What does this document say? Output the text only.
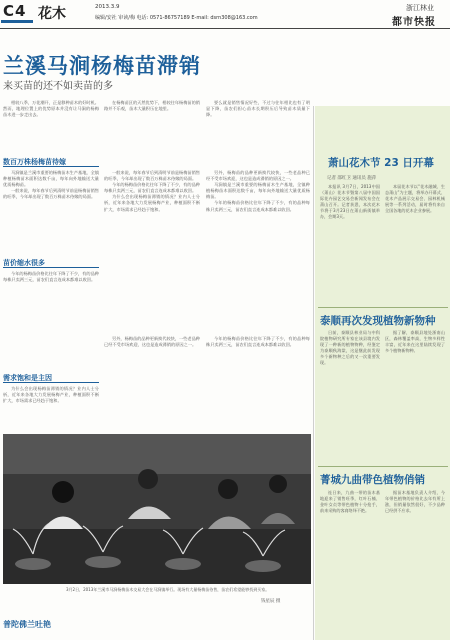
C4 花木	2013.3.9
编辑/安社 审读/梅 电话: 0571-86757189 E-mail: dsrn308@163.com
浙江林业
都市快报
兰溪马涧杨梅苗滞销
来买苗的还不如卖苗的多

相较八季，万花潮开，正是移种苗木的好时机。然而，地理位置上的优势原本并没有让马涧的杨梅苗木进一步走出去。

在杨梅苗区的天然优势下，相较往年杨梅苗的销路并不乐观，苗木大量积压在地里。

要么就是销售情况好些，不过与往年相比也有了明显下降，苗农们担心苗木长期积压后导致苗木质量下降。

数百万株杨梅苗待嫁

马涧镇是兰溪市重要的杨梅苗木生产基地，全镇种植杨梅苗木面积达数千亩，每年向外地输送大量优质杨梅苗。

一般来说，每年春节后到清明节前是杨梅苗销售的旺季，今年却出现了数百万株苗木待嫁的局面。

一般来说，每年春节后到清明节前是杨梅苗销售的旺季，今年却出现了数百万株苗木待嫁的局面。

今年的杨梅苗价格比往年下降了不少，有的品种每株只卖两三元，苗农们直言连成本都难以收回。

为什么会出现杨梅苗滞销的情况？业内人士分析，近年来各地大力发展杨梅产业，种植面积不断扩大，市场需求已经趋于饱和。

另外，杨梅苗的品种更新换代较快，一些老品种已经不受市场欢迎，这也是造成滞销的原因之一。

马涧镇是兰溪市重要的杨梅苗木生产基地，全镇种植杨梅苗木面积达数千亩，每年向外地输送大量优质杨梅苗。

今年的杨梅苗价格比往年下降了不少，有的品种每株只卖两三元，苗农们直言连成本都难以收回。

苗价缩水很多

今年的杨梅苗价格比往年下降了不少，有的品种每株只卖两三元，苗农们直言连成本都难以收回。

需求饱和是主因

为什么会出现杨梅苗滞销的情况？业内人士分析，近年来各地大力发展杨梅产业，种植面积不断扩大，市场需求已经趋于饱和。

另外，杨梅苗的品种更新换代较快，一些老品种已经不受市场欢迎，这也是造成滞销的原因之一。

今年的杨梅苗价格比往年下降了不少，有的品种每株只卖两三元，苗农们直言连成本都难以收回。

3月2日，2013年兰溪市马涧杨梅苗木交易大会在马涧镇举行。现场有大量杨梅苗待售，苗农们希望能够找到买家。
钱星辰 摄
普陀佛兰吐艳
萧山花木节 23 日开幕
记者 邵红卫 通讯员 施萍

本报讯 3月7日，2013中国（萧山）花木节暨第八届中国国际花卉园艺交易会新闻发布会在萧山召开。记者获悉，本次花木节将于3月23日在萧山新街镇举办，会期3天。

本届花木节以“花木融城、生态萧山”为主题，将举办开幕式、花木产品展示交易会、园林机械展等一系列活动，届时将有来自全国各地的花木企业参展。

泰顺再次发现植物新物种

日前，泰顺县林业局与中科院植物研究所专家在该县境内发现了一种新的植物物种，经鉴定为泰顺秋海棠，这是继此前发现多个新物种之后的又一次重要发现。

据了解，泰顺县地处浙南山区，森林覆盖率高，生物多样性丰富，近年来在这里陆续发现了多个植物新物种。

菁城九曲带色植物俏销

连日来，九曲一带的苗木基地迎来了销售旺季，红叶石楠、金叶女贞等带色植物十分抢手，前来采购的客商络绎不绝。

据苗木基地负责人介绍，今年带色植物的价格比去年有所上涨，但销量依然很好，不少品种已经供不应求。
